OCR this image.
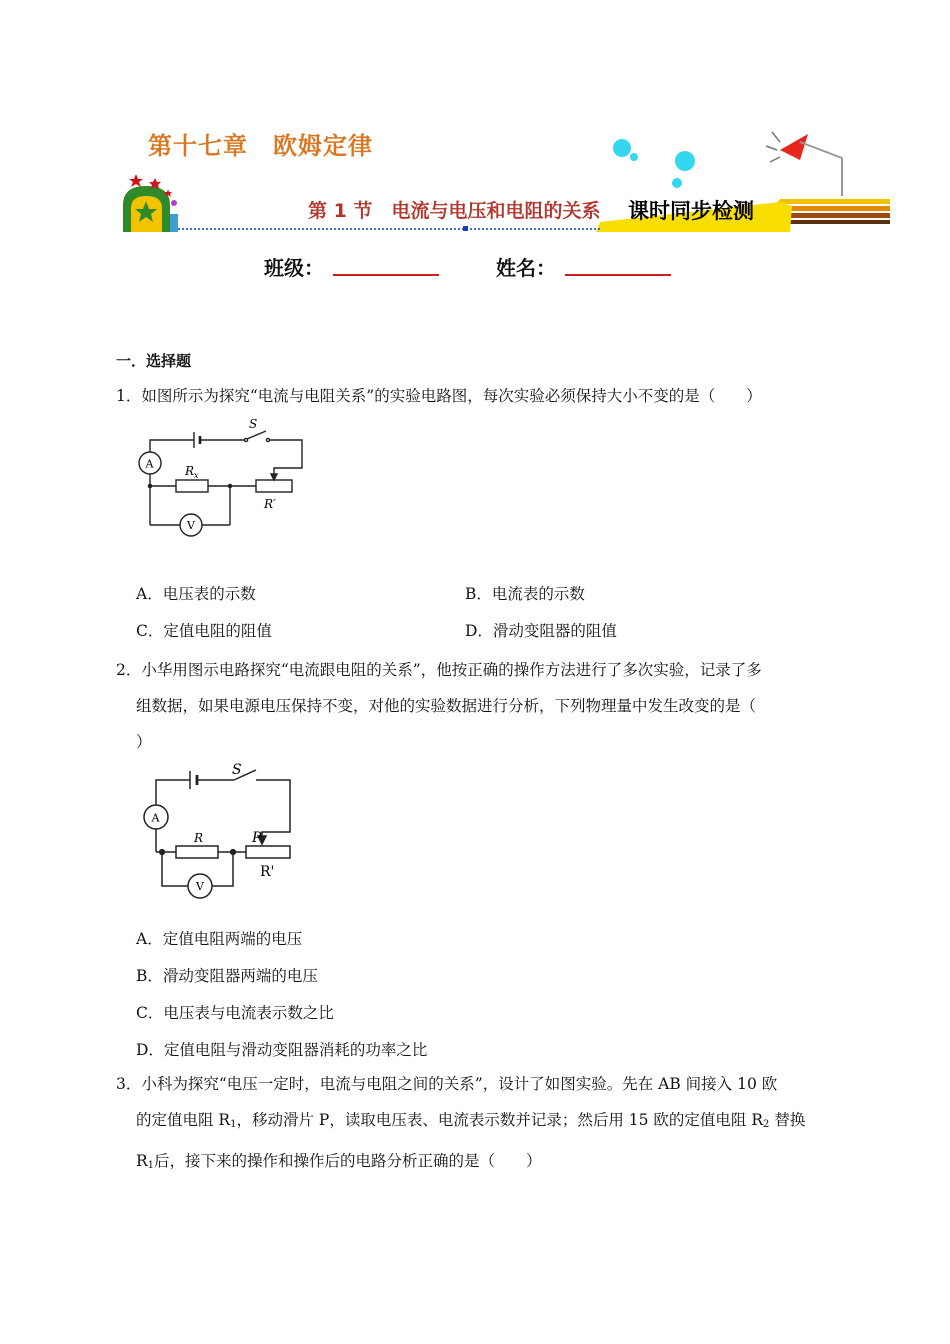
第十七章　欧姆定律
第 1 节　电流与电压和电阻的关系 课时同步检测
班级：	姓名：
一．选择题
1．如图所示为探究“电流与电阻关系”的实验电路图，每次实验必须保持大小不变的是（　　）
S
A	R x
R′
V
A．电压表的示数	B．电流表的示数
C．定值电阻的阻值	D．滑动变阻器的阻值
2．小华用图示电路探究“电流跟电阻的关系”，他按正确的操作方法进行了多次实验，记录了多
组数据，如果电源电压保持不变，对他的实验数据进行分析，下列物理量中发生改变的是（
）
S
A
R	P
R'
V
A．定值电阻两端的电压
B．滑动变阻器两端的电压
C．电压表与电流表示数之比
D．定值电阻与滑动变阻器消耗的功率之比
3．小科为探究“电压一定时，电流与电阻之间的关系”，设计了如图实验。先在 AB 间接入 10 欧
的定值电阻 $R_1$，移动滑片 P，读取电压表、电流表示数并记录；然后用 15 欧的定值电阻 $R_2$ 替换
$R_1$后，接下来的操作和操作后的电路分析正确的是（　　）
